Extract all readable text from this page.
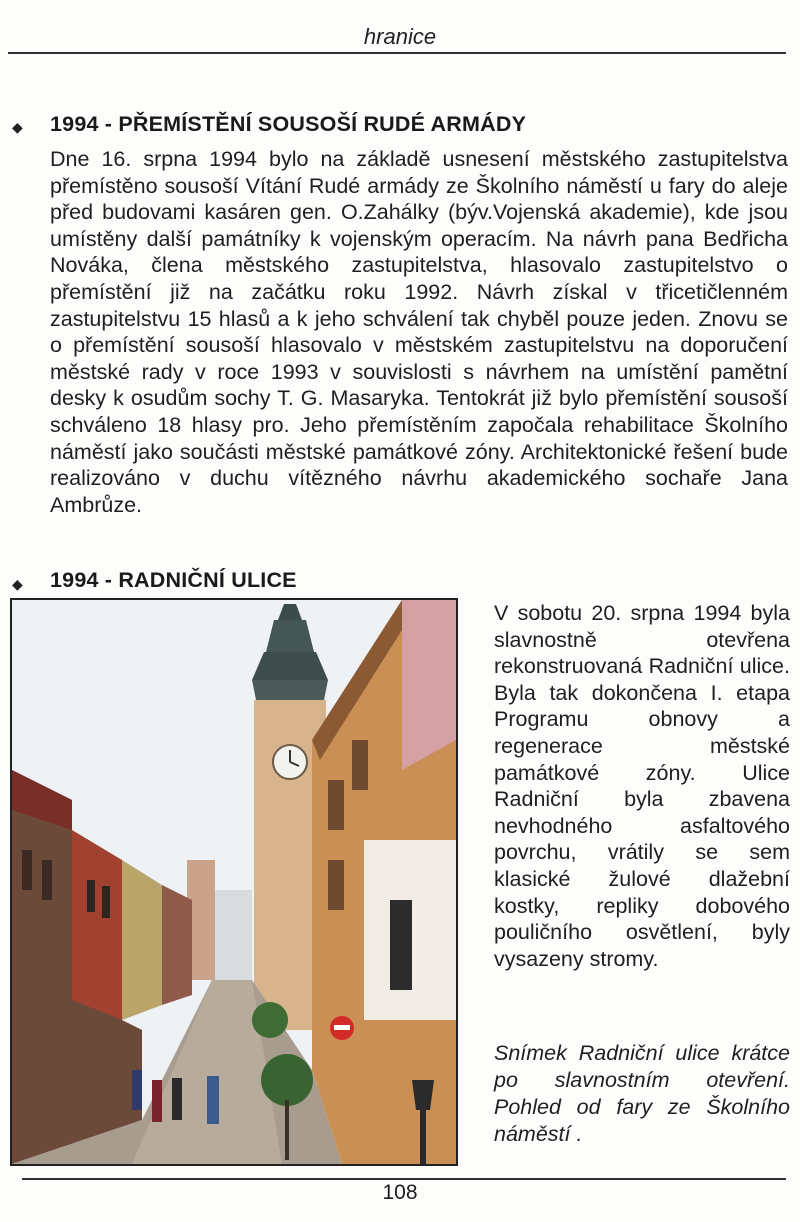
hranice
◆ 1994 - PŘEMÍSTĚNÍ SOUSOŠÍ RUDÉ ARMÁDY
Dne 16. srpna 1994 bylo na základě usnesení městského zastupitelstva přemístěno sousoší Vítání Rudé armády ze Školního náměstí u fary do aleje před budovami kasáren gen. O.Zahálky (býv.Vojenská akademie), kde jsou umístěny další památníky k vojenským operacím. Na návrh pana Bedřicha Nováka, člena městského zastupitelstva, hlasovalo zastupitelstvo o přemístění již na začátku roku 1992. Návrh získal v třicetičlenném zastupitelstvu 15 hlasů a k jeho schválení tak chyběl pouze jeden. Znovu se o přemístění sousoší hlasovalo v městském zastupitelstvu na doporučení městské rady v roce 1993 v souvislosti s návrhem na umístění pamětní desky k osudům sochy T. G. Masaryka. Tentokrát již bylo přemístění sousoší schváleno 18 hlasy pro. Jeho přemístěním započala rehabilitace Školního náměstí jako součásti městské památkové zóny. Architektonické řešení bude realizováno v duchu vítězného návrhu akademického sochaře Jana Ambrůze.
◆ 1994 - RADNIČNÍ ULICE
V sobotu 20. srpna 1994 byla slavnostně otevřena rekonstruovaná Radniční ulice. Byla tak dokončena I. etapa Programu obnovy a regenerace městské památkové zóny. Ulice Radniční byla zbavena nevhodného asfaltového povrchu, vrátily se sem klasické žulové dlažební kostky, repliky dobového pouličního osvětlení, byly vysazeny stromy.
Snímek Radniční ulice krátce po slavnostním otevření. Pohled od fary ze Školního náměstí .
108
